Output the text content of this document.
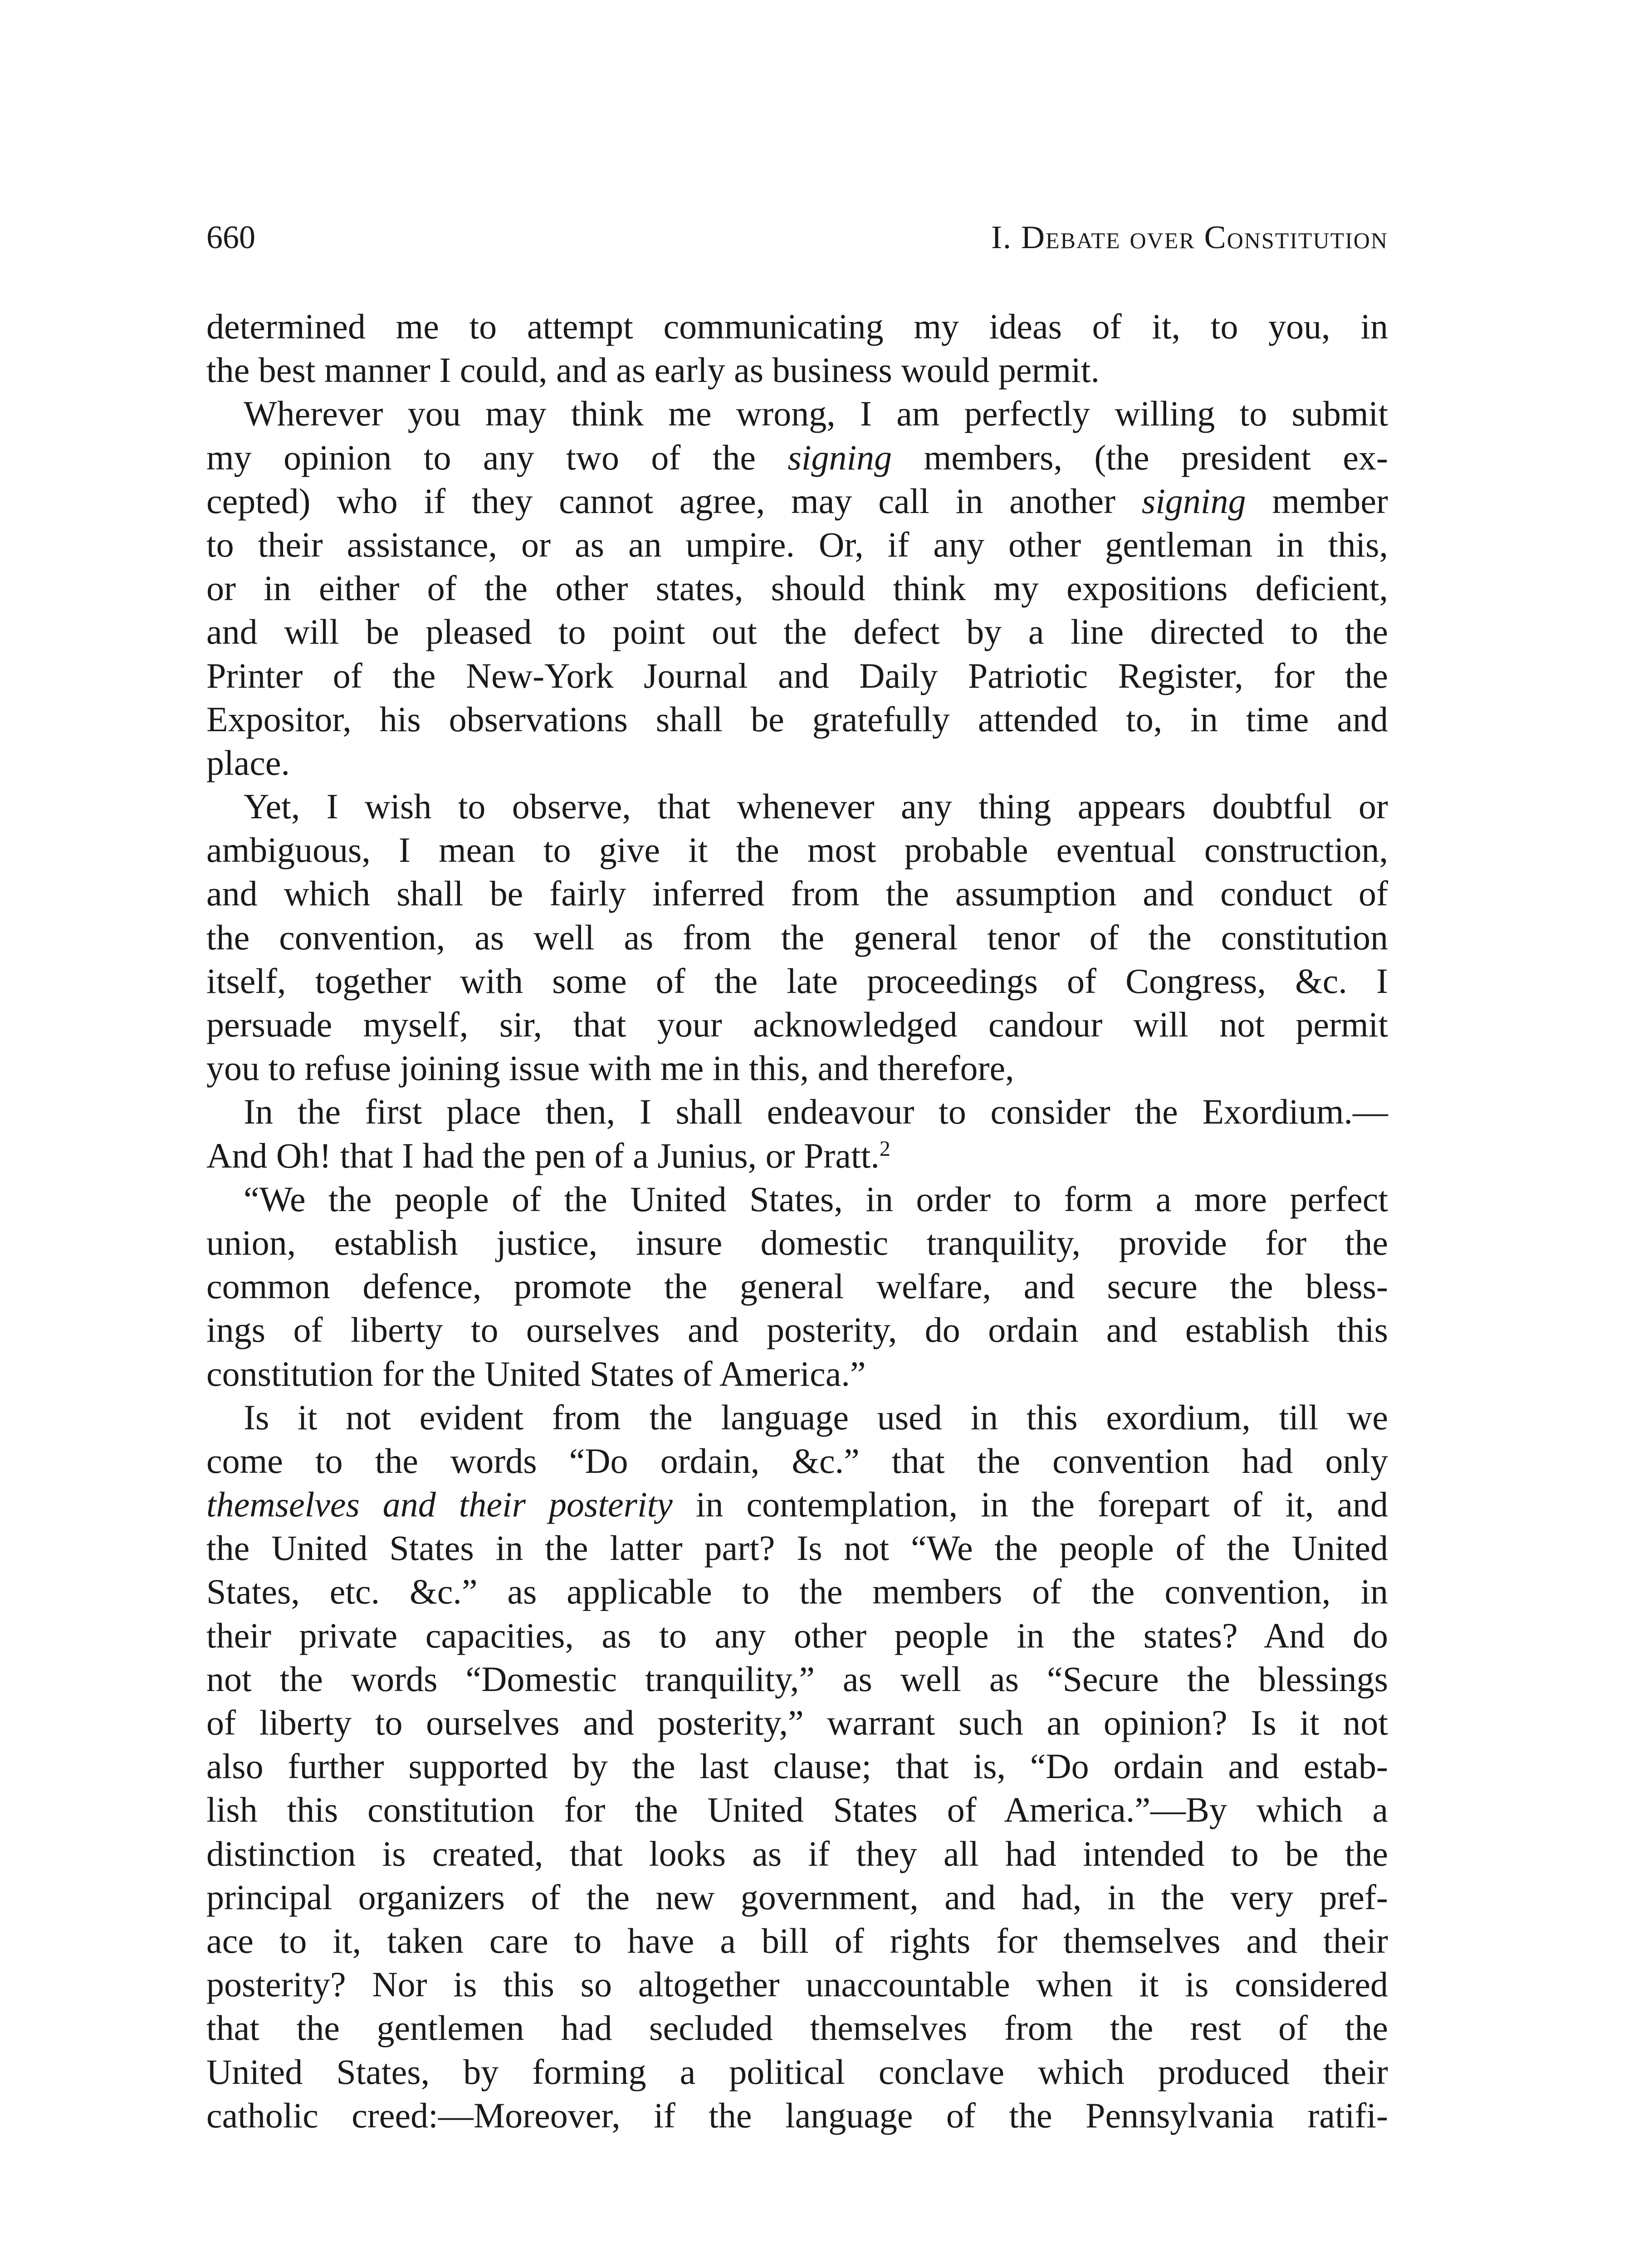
660	I. Debate over Constitution
determined me to attempt communicating my ideas of it, to you, in
the best manner I could, and as early as business would permit.
Wherever you may think me wrong, I am perfectly willing to submit
my opinion to any two of the signing members, (the president ex-
cepted) who if they cannot agree, may call in another signing member
to their assistance, or as an umpire. Or, if any other gentleman in this,
or in either of the other states, should think my expositions deficient,
and will be pleased to point out the defect by a line directed to the
Printer of the New-York Journal and Daily Patriotic Register, for the
Expositor, his observations shall be gratefully attended to, in time and
place.
Yet, I wish to observe, that whenever any thing appears doubtful or
ambiguous, I mean to give it the most probable eventual construction,
and which shall be fairly inferred from the assumption and conduct of
the convention, as well as from the general tenor of the constitution
itself, together with some of the late proceedings of Congress, &c. I
persuade myself, sir, that your acknowledged candour will not permit
you to refuse joining issue with me in this, and therefore,
In the first place then, I shall endeavour to consider the Exordium.—
And Oh! that I had the pen of a Junius, or Pratt.$^2$
“We the people of the United States, in order to form a more perfect
union, establish justice, insure domestic tranquility, provide for the
common defence, promote the general welfare, and secure the bless-
ings of liberty to ourselves and posterity, do ordain and establish this
constitution for the United States of America.”
Is it not evident from the language used in this exordium, till we
come to the words “Do ordain, &c.” that the convention had only
themselves and their posterity in contemplation, in the forepart of it, and
the United States in the latter part? Is not “We the people of the United
States, etc. &c.” as applicable to the members of the convention, in
their private capacities, as to any other people in the states? And do
not the words “Domestic tranquility,” as well as “Secure the blessings
of liberty to ourselves and posterity,” warrant such an opinion? Is it not
also further supported by the last clause; that is, “Do ordain and estab-
lish this constitution for the United States of America.”—By which a
distinction is created, that looks as if they all had intended to be the
principal organizers of the new government, and had, in the very pref-
ace to it, taken care to have a bill of rights for themselves and their
posterity? Nor is this so altogether unaccountable when it is considered
that the gentlemen had secluded themselves from the rest of the
United States, by forming a political conclave which produced their
catholic creed:—Moreover, if the language of the Pennsylvania ratifi-
